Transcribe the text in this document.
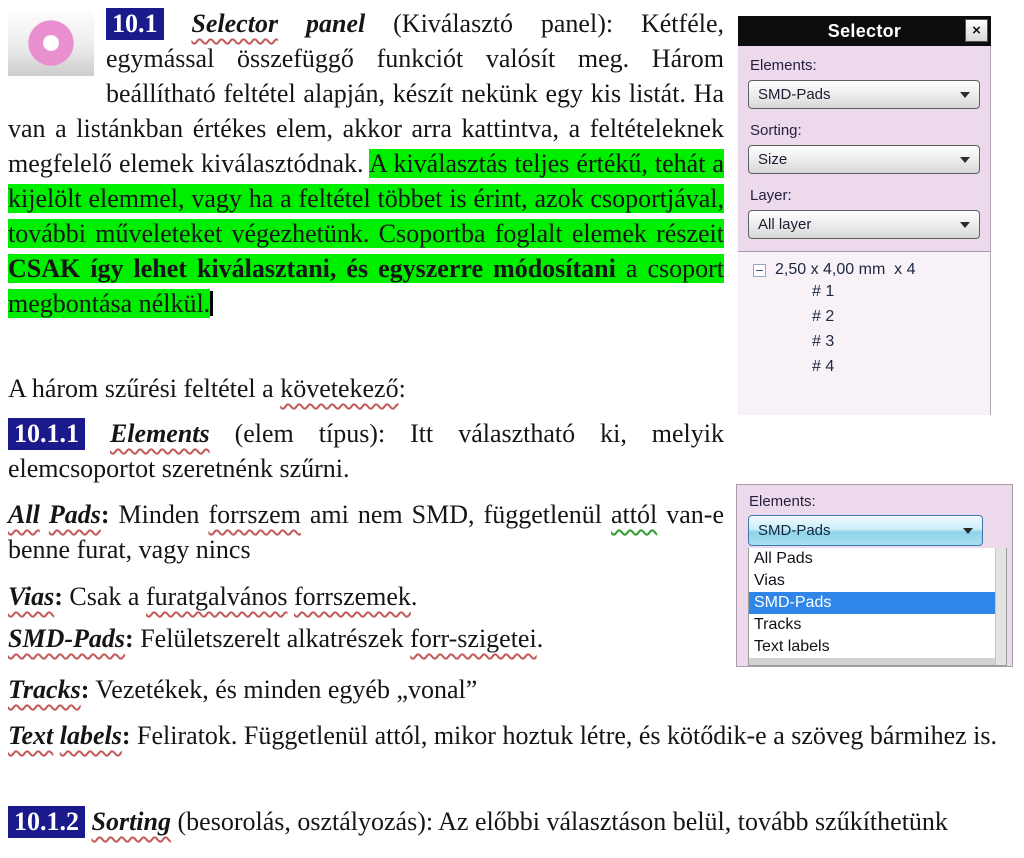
10.1 Selector panel (Kiválasztó panel): Kétféle, egymással összefüggő funkciót valósít meg. Három beállítható feltétel alapján, készít nekünk egy kis listát. Ha van a listánkban értékes elem, akkor arra kattintva, a feltételeknek megfelelő elemek kiválasztódnak. A kiválasztás teljes értékű, tehát a kijelölt elemmel, vagy ha a feltétel többet is érint, azok csoportjával, további műveleteket végezhetünk. Csoportba foglalt elemek részeit CSAK így lehet kiválasztani, és egyszerre módosítani a csoport megbontása nélkül.

A három szűrési feltétel a követekező:

10.1.1 Elements (elem típus): Itt választható ki, melyik elemcsoportot szeretnénk szűrni.

All Pads: Minden forrszem ami nem SMD, függetlenül attól van-e benne furat, vagy nincs

Vias: Csak a furatgalvános forrszemek.

SMD-Pads: Felületszerelt alkatrészek forr-szigetei.

Tracks: Vezetékek, és minden egyéb „vonal”

Text labels: Feliratok. Függetlenül attól, mikor hoztuk létre, és kötődik-e a szöveg bármihez is.

10.1.2 Sorting (besorolás, osztályozás): Az előbbi választáson belül, tovább szűkíthetünk

Selector	×
Elements:
SMD-Pads
Sorting:
Size
Layer:
All layer
2,50 x 4,00 mm  x 4
# 1
# 2
# 3
# 4
Elements:
SMD-Pads
All Pads
Vias
SMD-Pads
Tracks
Text labels
